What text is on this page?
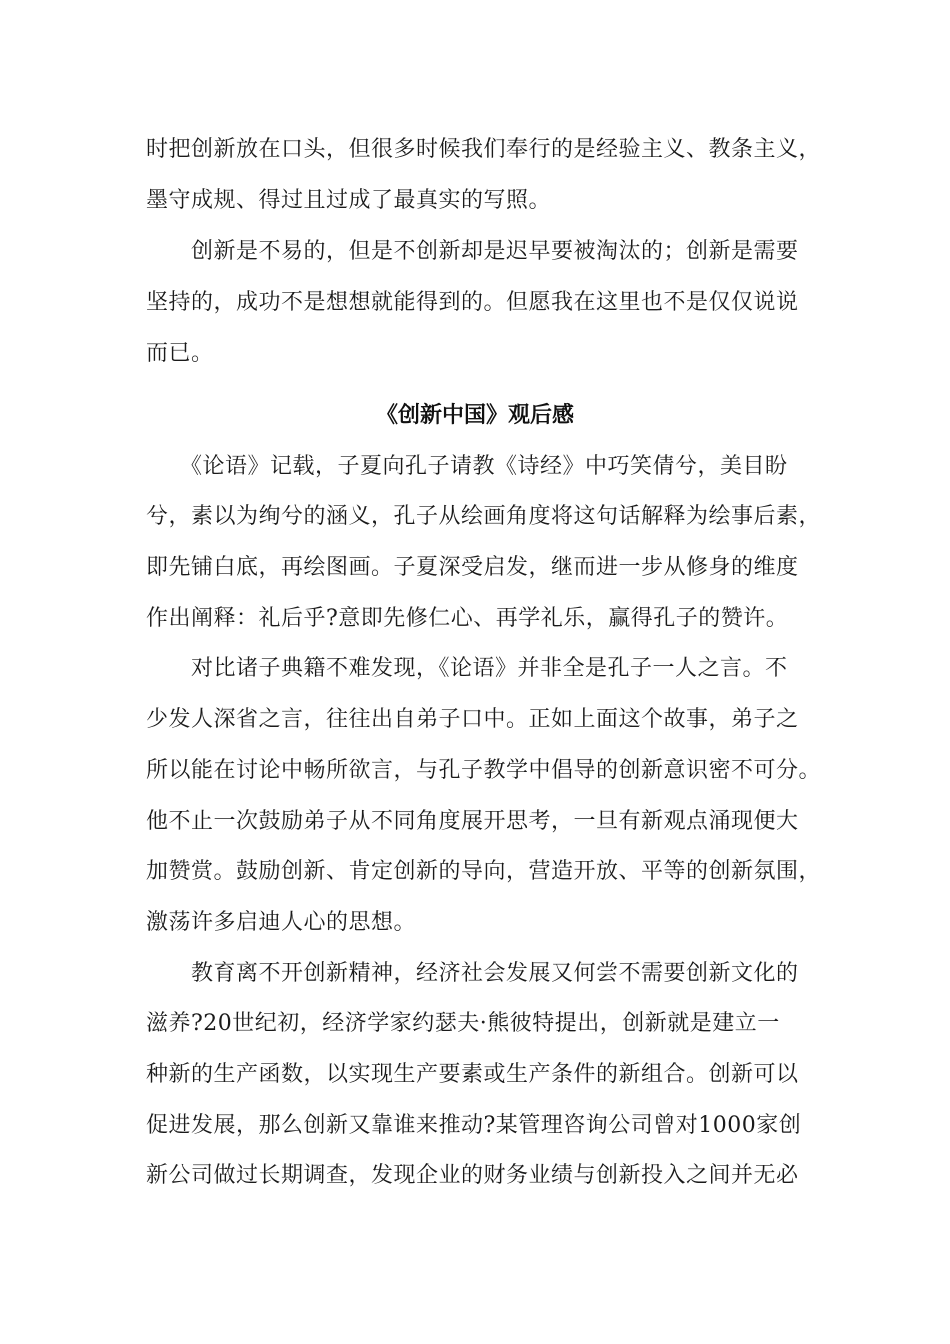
时把创新放在口头，但很多时候我们奉行的是经验主义、教条主义，
墨守成规、得过且过成了最真实的写照。
　　创新是不易的，但是不创新却是迟早要被淘汰的；创新是需要
坚持的，成功不是想想就能得到的。但愿我在这里也不是仅仅说说
而已。
《创新中国》观后感
　　《论语》记载，子夏向孔子请教《诗经》中巧笑倩兮，美目盼
兮，素以为绚兮的涵义，孔子从绘画角度将这句话解释为绘事后素，
即先铺白底，再绘图画。子夏深受启发，继而进一步从修身的维度
作出阐释：礼后乎?意即先修仁心、再学礼乐，赢得孔子的赞许。
　　对比诸子典籍不难发现，《论语》并非全是孔子一人之言。不
少发人深省之言，往往出自弟子口中。正如上面这个故事，弟子之
所以能在讨论中畅所欲言，与孔子教学中倡导的创新意识密不可分。
他不止一次鼓励弟子从不同角度展开思考，一旦有新观点涌现便大
加赞赏。鼓励创新、肯定创新的导向，营造开放、平等的创新氛围，
激荡许多启迪人心的思想。
　　教育离不开创新精神，经济社会发展又何尝不需要创新文化的
滋养?20世纪初，经济学家约瑟夫·熊彼特提出，创新就是建立一
种新的生产函数，以实现生产要素或生产条件的新组合。创新可以
促进发展，那么创新又靠谁来推动?某管理咨询公司曾对1000家创
新公司做过长期调查，发现企业的财务业绩与创新投入之间并无必
